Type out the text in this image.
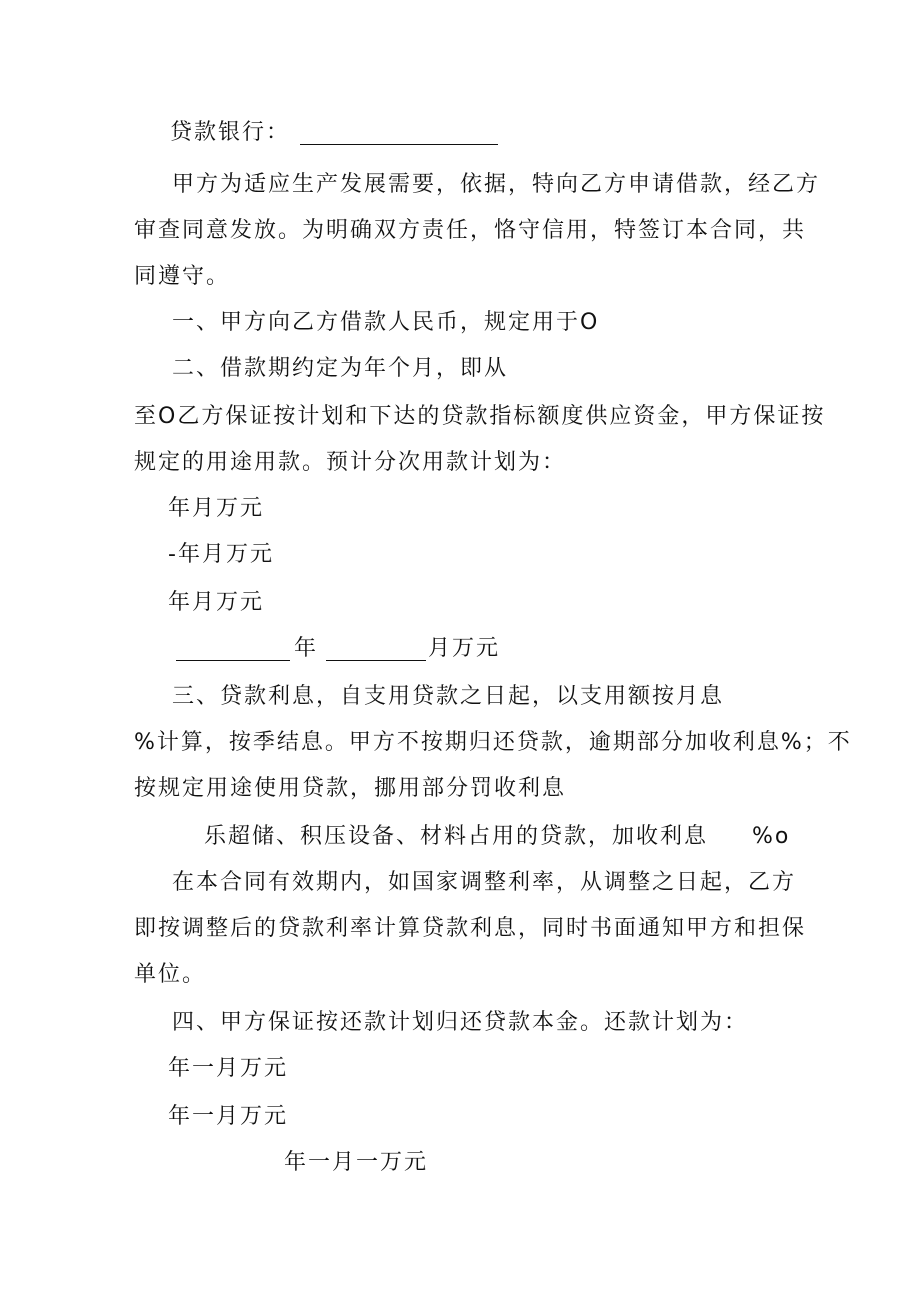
贷款银行：
甲方为适应生产发展需要，依据，特向乙方申请借款，经乙方
审查同意发放。为明确双方责任，恪守信用，特签订本合同，共
同遵守。
一、甲方向乙方借款人民币，规定用于O
二、借款期约定为年个月，即从
至O乙方保证按计划和下达的贷款指标额度供应资金，甲方保证按
规定的用途用款。预计分次用款计划为：
年月万元
-年月万元
年月万元
年	月万元
三、贷款利息，自支用贷款之日起，以支用额按月息
%计算，按季结息。甲方不按期归还贷款，逾期部分加收利息%；不
按规定用途使用贷款，挪用部分罚收利息
乐超储、积压设备、材料占用的贷款，加收利息 %o
在本合同有效期内，如国家调整利率，从调整之日起，乙方
即按调整后的贷款利率计算贷款利息，同时书面通知甲方和担保
单位。
四、甲方保证按还款计划归还贷款本金。还款计划为：
年一月万元
年一月万元
年一月一万元
